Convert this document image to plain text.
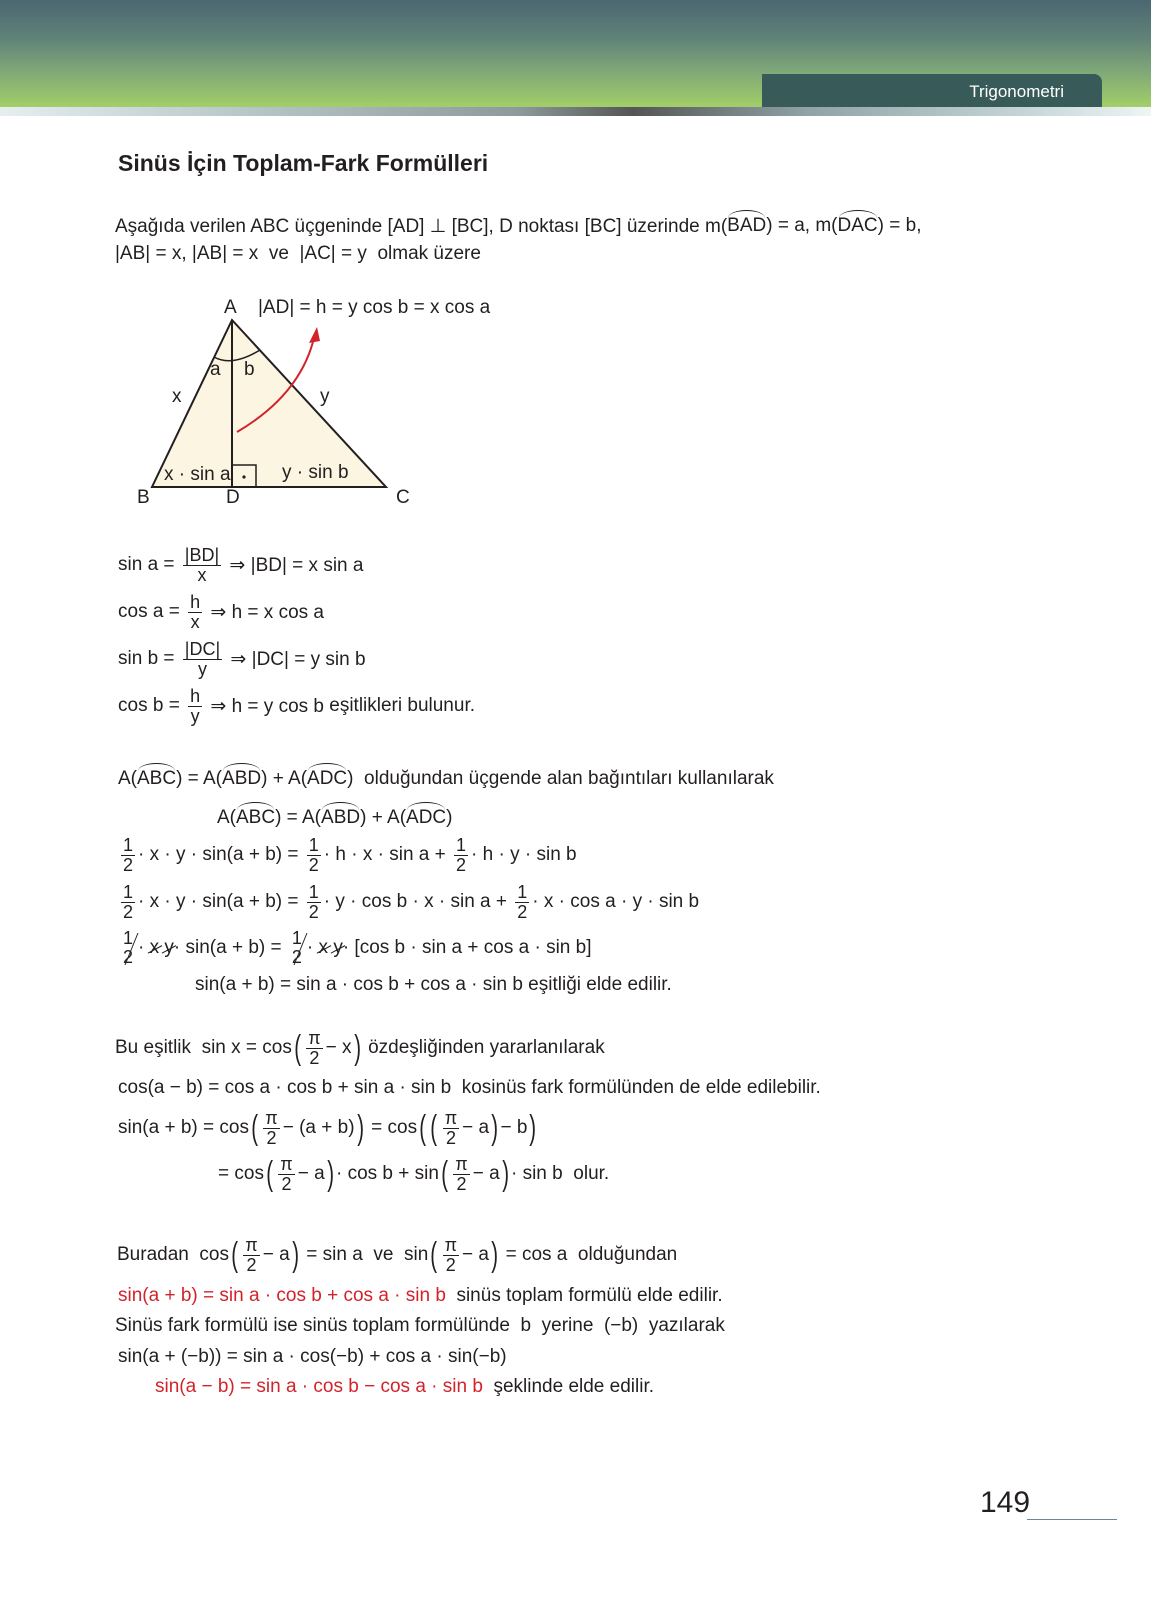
Trigonometri
Sinüs İçin Toplam-Fark Formülleri
Aşağıda verilen ABC üçgeninde [AD] ⊥ [BC], D noktası [BC] üzerinde m( BAD ) = a, m( DAC ) = b,
|AB| = x, |AB| = x  ve  |AC| = y  olmak üzere
|AD| = h = y cos b = x cos a
A
B	C
D
a b
x	y
x · sin a	y · sin b
$\sin a = \frac{|BD|}{x}$ ⇒ |BD| = x sin a
$\cos a = \frac{h}{x}$ ⇒ h = x cos a
$\sin b = \frac{|DC|}{y}$ ⇒ |DC| = y sin b
$\cos b = \frac{h}{y}$ ⇒ h = y cos b eşitlikleri bulunur.
A( ABC ) = A( ABD ) + A( ADC )  olduğundan üçgende alan bağıntıları kullanılarak
A( ABC ) = A( ABD ) + A( ADC )
$\frac{1}{2} \cdot x \cdot y \cdot \sin(a + b) = \frac{1}{2} \cdot h \cdot x \cdot \sin a + \frac{1}{2} \cdot h \cdot y \cdot \sin b$
$\frac{1}{2} \cdot x \cdot y \cdot \sin(a + b) = \frac{1}{2} \cdot y \cdot \cos b \cdot x \cdot \sin a + \frac{1}{2} \cdot x \cdot \cos a \cdot y \cdot \sin b$
1
2 · x
y · sin(a + b) = 1
2 · x
y · [cos b · sin a + cos a · sin b]
sin(a + b) = sin a · cos b + cos a · sin b eşitliği elde edilir.
Bu eşitlik  sin x = cos ( $\frac{\pi}{2} - x$ ) özdeşliğinden yararlanılarak
cos(a − b) = cos a · cos b + sin a · sin b  kosinüs fark formülünden de elde edilebilir.
sin(a + b) = cos ( $\frac{\pi}{2} - (a + b)$ ) = cos ( ( $\frac{\pi}{2} - a$ ) − b )
= cos ( $\frac{\pi}{2} - a$ ) · cos b + sin ( $\frac{\pi}{2} - a$ ) · sin b  olur.
Buradan  cos ( $\frac{\pi}{2} - a$ ) = sin a  ve  sin ( $\frac{\pi}{2} - a$ ) = cos a  olduğundan
sin(a + b) = sin a · cos b + cos a · sin b sinüs toplam formülü elde edilir.
Sinüs fark formülü ise sinüs toplam formülünde  b  yerine  (−b)  yazılarak
sin(a + (−b)) = sin a · cos(−b) + cos a · sin(−b)
sin(a − b) = sin a · cos b − cos a · sin b şeklinde elde edilir.
149
